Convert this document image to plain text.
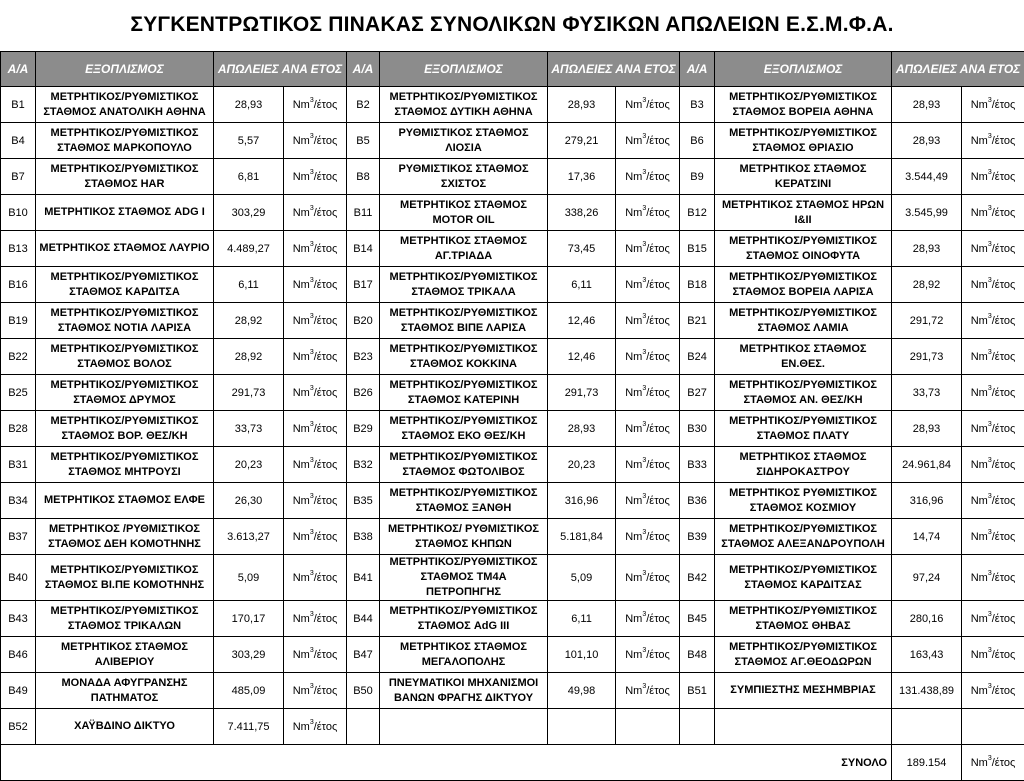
ΣΥΓΚΕΝΤΡΩΤΙΚΟΣ ΠΙΝΑΚΑΣ ΣΥΝΟΛΙΚΩΝ ΦΥΣΙΚΩΝ ΑΠΩΛΕΙΩΝ Ε.Σ.Μ.Φ.Α.
Α/Α	ΕΞΟΠΛΙΣΜΟΣ	ΑΠΩΛΕΙΕΣ ΑΝΑ ΕΤΟΣ		Α/Α	ΕΞΟΠΛΙΣΜΟΣ	ΑΠΩΛΕΙΕΣ ΑΝΑ ΕΤΟΣ		Α/Α	ΕΞΟΠΛΙΣΜΟΣ	ΑΠΩΛΕΙΕΣ ΑΝΑ ΕΤΟΣ	
B1	ΜΕΤΡΗΤΙΚΟΣ/ΡΥΘΜΙΣΤΙΚΟΣ ΣΤΑΘΜΟΣ ΑΝΑΤΟΛΙΚΗ ΑΘΗΝΑ	28,93	Nm$^3$/έτος	B2	ΜΕΤΡΗΤΙΚΟΣ/ΡΥΘΜΙΣΤΙΚΟΣ ΣΤΑΘΜΟΣ ΔΥΤΙΚΗ ΑΘΗΝΑ	28,93	Nm$^3$/έτος	B3	ΜΕΤΡΗΤΙΚΟΣ/ΡΥΘΜΙΣΤΙΚΟΣ ΣΤΑΘΜΟΣ ΒΟΡΕΙΑ ΑΘΗΝΑ	28,93	Nm$^3$/έτος
B4	ΜΕΤΡΗΤΙΚΟΣ/ΡΥΘΜΙΣΤΙΚΟΣ ΣΤΑΘΜΟΣ ΜΑΡΚΟΠΟΥΛΟ	5,57	Nm$^3$/έτος	B5	ΡΥΘΜΙΣΤΙΚΟΣ ΣΤΑΘΜΟΣ ΛΙΟΣΙΑ	279,21	Nm$^3$/έτος	B6	ΜΕΤΡΗΤΙΚΟΣ/ΡΥΘΜΙΣΤΙΚΟΣ ΣΤΑΘΜΟΣ ΘΡΙΑΣΙΟ	28,93	Nm$^3$/έτος
B7	ΜΕΤΡΗΤΙΚΟΣ/ΡΥΘΜΙΣΤΙΚΟΣ ΣΤΑΘΜΟΣ HAR	6,81	Nm$^3$/έτος	B8	ΡΥΘΜΙΣΤΙΚΟΣ ΣΤΑΘΜΟΣ ΣΧΙΣΤΟΣ	17,36	Nm$^3$/έτος	B9	ΜΕΤΡΗΤΙΚΟΣ ΣΤΑΘΜΟΣ ΚΕΡΑΤΣΙΝΙ	3.544,49	Nm$^3$/έτος
B10	ΜΕΤΡΗΤΙΚΟΣ ΣΤΑΘΜΟΣ ADG I	303,29	Nm$^3$/έτος	B11	ΜΕΤΡΗΤΙΚΟΣ ΣΤΑΘΜΟΣ MOTOR OIL	338,26	Nm$^3$/έτος	B12	ΜΕΤΡΗΤΙΚΟΣ ΣΤΑΘΜΟΣ ΗΡΩΝ I&II	3.545,99	Nm$^3$/έτος
B13	ΜΕΤΡΗΤΙΚΟΣ ΣΤΑΘΜΟΣ ΛΑΥΡΙΟ	4.489,27	Nm$^3$/έτος	B14	ΜΕΤΡΗΤΙΚΟΣ ΣΤΑΘΜΟΣ ΑΓ.ΤΡΙΑΔΑ	73,45	Nm$^3$/έτος	B15	ΜΕΤΡΗΤΙΚΟΣ/ΡΥΘΜΙΣΤΙΚΟΣ ΣΤΑΘΜΟΣ ΟΙΝΟΦΥΤΑ	28,93	Nm$^3$/έτος
B16	ΜΕΤΡΗΤΙΚΟΣ/ΡΥΘΜΙΣΤΙΚΟΣ ΣΤΑΘΜΟΣ ΚΑΡΔΙΤΣΑ	6,11	Nm$^3$/έτος	B17	ΜΕΤΡΗΤΙΚΟΣ/ΡΥΘΜΙΣΤΙΚΟΣ ΣΤΑΘΜΟΣ ΤΡΙΚΑΛΑ	6,11	Nm$^3$/έτος	B18	ΜΕΤΡΗΤΙΚΟΣ/ΡΥΘΜΙΣΤΙΚΟΣ ΣΤΑΘΜΟΣ ΒΟΡΕΙΑ ΛΑΡΙΣΑ	28,92	Nm$^3$/έτος
B19	ΜΕΤΡΗΤΙΚΟΣ/ΡΥΘΜΙΣΤΙΚΟΣ ΣΤΑΘΜΟΣ ΝΟΤΙΑ ΛΑΡΙΣΑ	28,92	Nm$^3$/έτος	B20	ΜΕΤΡΗΤΙΚΟΣ/ΡΥΘΜΙΣΤΙΚΟΣ ΣΤΑΘΜΟΣ ΒΙΠΕ ΛΑΡΙΣΑ	12,46	Nm$^3$/έτος	B21	ΜΕΤΡΗΤΙΚΟΣ/ΡΥΘΜΙΣΤΙΚΟΣ ΣΤΑΘΜΟΣ ΛΑΜΙΑ	291,72	Nm$^3$/έτος
B22	ΜΕΤΡΗΤΙΚΟΣ/ΡΥΘΜΙΣΤΙΚΟΣ ΣΤΑΘΜΟΣ ΒΟΛΟΣ	28,92	Nm$^3$/έτος	B23	ΜΕΤΡΗΤΙΚΟΣ/ΡΥΘΜΙΣΤΙΚΟΣ ΣΤΑΘΜΟΣ ΚΟΚΚΙΝΑ	12,46	Nm$^3$/έτος	B24	ΜΕΤΡΗΤΙΚΟΣ ΣΤΑΘΜΟΣ ΕΝ.ΘΕΣ.	291,73	Nm$^3$/έτος
B25	ΜΕΤΡΗΤΙΚΟΣ/ΡΥΘΜΙΣΤΙΚΟΣ ΣΤΑΘΜΟΣ ΔΡΥΜΟΣ	291,73	Nm$^3$/έτος	B26	ΜΕΤΡΗΤΙΚΟΣ/ΡΥΘΜΙΣΤΙΚΟΣ ΣΤΑΘΜΟΣ ΚΑΤΕΡΙΝΗ	291,73	Nm$^3$/έτος	B27	ΜΕΤΡΗΤΙΚΟΣ/ΡΥΘΜΙΣΤΙΚΟΣ ΣΤΑΘΜΟΣ ΑΝ. ΘΕΣ/ΚΗ	33,73	Nm$^3$/έτος
B28	ΜΕΤΡΗΤΙΚΟΣ/ΡΥΘΜΙΣΤΙΚΟΣ ΣΤΑΘΜΟΣ ΒΟΡ. ΘΕΣ/ΚΗ	33,73	Nm$^3$/έτος	B29	ΜΕΤΡΗΤΙΚΟΣ/ΡΥΘΜΙΣΤΙΚΟΣ ΣΤΑΘΜΟΣ ΕΚΟ ΘΕΣ/ΚΗ	28,93	Nm$^3$/έτος	B30	ΜΕΤΡΗΤΙΚΟΣ/ΡΥΘΜΙΣΤΙΚΟΣ ΣΤΑΘΜΟΣ ΠΛΑΤΥ	28,93	Nm$^3$/έτος
B31	ΜΕΤΡΗΤΙΚΟΣ/ΡΥΘΜΙΣΤΙΚΟΣ ΣΤΑΘΜΟΣ ΜΗΤΡΟΥΣΙ	20,23	Nm$^3$/έτος	B32	ΜΕΤΡΗΤΙΚΟΣ/ΡΥΘΜΙΣΤΙΚΟΣ ΣΤΑΘΜΟΣ ΦΩΤΟΛΙΒΟΣ	20,23	Nm$^3$/έτος	B33	ΜΕΤΡΗΤΙΚΟΣ ΣΤΑΘΜΟΣ ΣΙΔΗΡΟΚΑΣΤΡΟΥ	24.961,84	Nm$^3$/έτος
B34	ΜΕΤΡΗΤΙΚΟΣ ΣΤΑΘΜΟΣ ΕΛΦΕ	26,30	Nm$^3$/έτος	B35	ΜΕΤΡΗΤΙΚΟΣ/ΡΥΘΜΙΣΤΙΚΟΣ ΣΤΑΘΜΟΣ ΞΑΝΘΗ	316,96	Nm$^3$/έτος	B36	ΜΕΤΡΗΤΙΚΟΣ ΡΥΘΜΙΣΤΙΚΟΣ ΣΤΑΘΜΟΣ ΚΟΣΜΙΟΥ	316,96	Nm$^3$/έτος
B37	ΜΕΤΡΗΤΙΚΟΣ /ΡΥΘΜΙΣΤΙΚΟΣ ΣΤΑΘΜΟΣ ΔΕΗ ΚΟΜΟΤΗΝΗΣ	3.613,27	Nm$^3$/έτος	B38	ΜΕΤΡΗΤΙΚΟΣ/ ΡΥΘΜΙΣΤΙΚΟΣ ΣΤΑΘΜΟΣ ΚΗΠΩΝ	5.181,84	Nm$^3$/έτος	B39	ΜΕΤΡΗΤΙΚΟΣ/ΡΥΘΜΙΣΤΙΚΟΣ ΣΤΑΘΜΟΣ ΑΛΕΞΑΝΔΡΟΥΠΟΛΗ	14,74	Nm$^3$/έτος
B40	ΜΕΤΡΗΤΙΚΟΣ/ΡΥΘΜΙΣΤΙΚΟΣ ΣΤΑΘΜΟΣ ΒΙ.ΠΕ ΚΟΜΟΤΗΝΗΣ	5,09	Nm$^3$/έτος	B41	ΜΕΤΡΗΤΙΚΟΣ/ΡΥΘΜΙΣΤΙΚΟΣ ΣΤΑΘΜΟΣ ΤΜ4Α ΠΕΤΡΟΠΗΓΗΣ	5,09	Nm$^3$/έτος	B42	ΜΕΤΡΗΤΙΚΟΣ/ΡΥΘΜΙΣΤΙΚΟΣ ΣΤΑΘΜΟΣ ΚΑΡΔΙΤΣΑΣ	97,24	Nm$^3$/έτος
B43	ΜΕΤΡΗΤΙΚΟΣ/ΡΥΘΜΙΣΤΙΚΟΣ ΣΤΑΘΜΟΣ ΤΡΙΚΑΛΩΝ	170,17	Nm$^3$/έτος	B44	ΜΕΤΡΗΤΙΚΟΣ/ΡΥΘΜΙΣΤΙΚΟΣ ΣΤΑΘΜΟΣ AdG III	6,11	Nm$^3$/έτος	B45	ΜΕΤΡΗΤΙΚΟΣ/ΡΥΘΜΙΣΤΙΚΟΣ ΣΤΑΘΜΟΣ ΘΗΒΑΣ	280,16	Nm$^3$/έτος
B46	ΜΕΤΡΗΤΙΚΟΣ ΣΤΑΘΜΟΣ ΑΛΙΒΕΡΙΟΥ	303,29	Nm$^3$/έτος	B47	ΜΕΤΡΗΤΙΚΟΣ ΣΤΑΘΜΟΣ ΜΕΓΑΛΟΠΟΛΗΣ	101,10	Nm$^3$/έτος	B48	ΜΕΤΡΗΤΙΚΟΣ/ΡΥΘΜΙΣΤΙΚΟΣ ΣΤΑΘΜΟΣ ΑΓ.ΘΕΟΔΩΡΩΝ	163,43	Nm$^3$/έτος
B49	ΜΟΝΑΔΑ ΑΦΥΓΡΑΝΣΗΣ ΠΑΤΗΜΑΤΟΣ	485,09	Nm$^3$/έτος	B50	ΠΝΕΥΜΑΤΙΚΟΙ ΜΗΧΑΝΙΣΜΟΙ ΒΑΝΩΝ ΦΡΑΓΗΣ ΔΙΚΤΥΟΥ	49,98	Nm$^3$/έτος	B51	ΣΥΜΠΙΕΣΤΗΣ ΜΕΣΗΜΒΡΙΑΣ	131.438,89	Nm$^3$/έτος
B52	ΧΑΫΒΔΙΝΟ ΔΙΚΤΥΟ	7.411,75	Nm$^3$/έτος								
ΣΥΝΟΛΟ										189.154	Nm$^3$/έτος
